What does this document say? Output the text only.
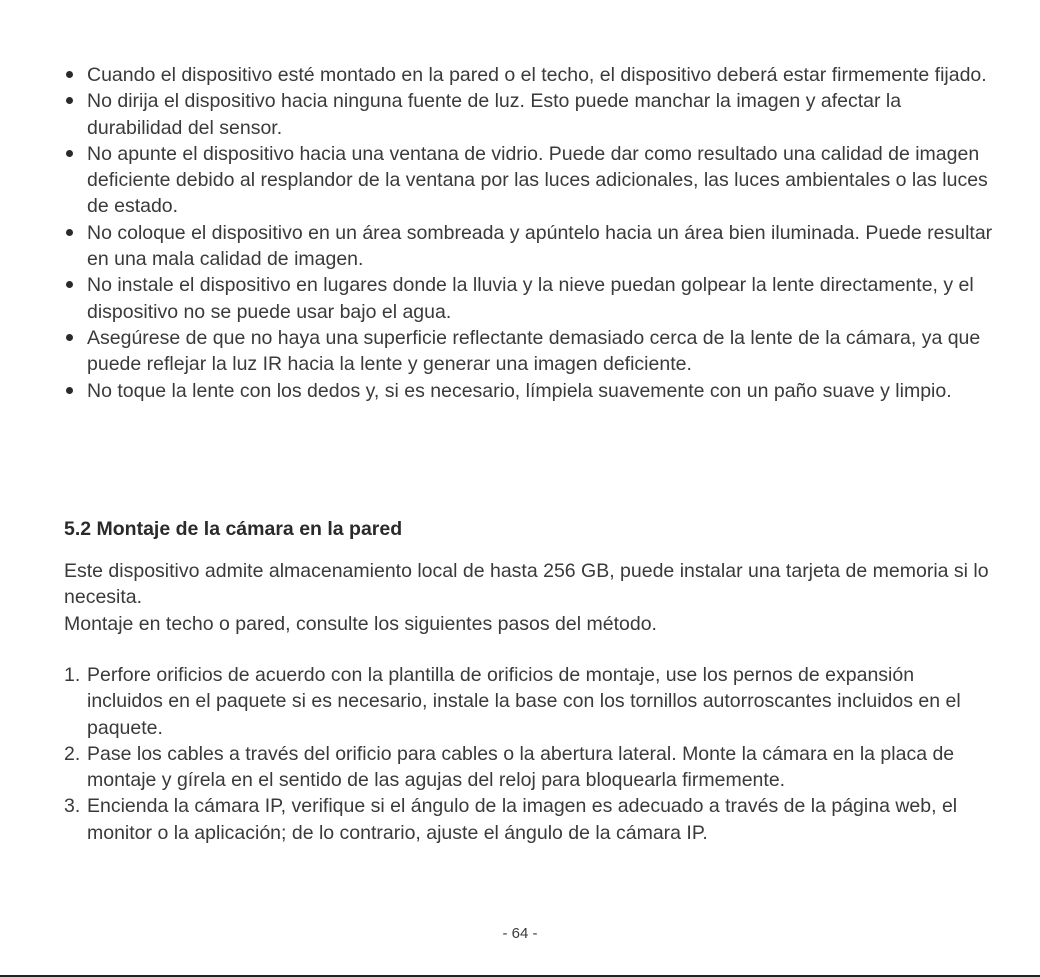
Cuando el dispositivo esté montado en la pared o el techo, el dispositivo deberá estar firmemente fijado.
No dirija el dispositivo hacia ninguna fuente de luz. Esto puede manchar la imagen y afectar la durabilidad del sensor.
No apunte el dispositivo hacia una ventana de vidrio. Puede dar como resultado una calidad de imagen deficiente debido al resplandor de la ventana por las luces adicionales, las luces ambientales o las luces de estado.
No coloque el dispositivo en un área sombreada y apúntelo hacia un área bien iluminada. Puede resultar en una mala calidad de imagen.
No instale el dispositivo en lugares donde la lluvia y la nieve puedan golpear la lente directamente, y el dispositivo no se puede usar bajo el agua.
Asegúrese de que no haya una superficie reflectante demasiado cerca de la lente de la cámara, ya que puede reflejar la luz IR hacia la lente y generar una imagen deficiente.
No toque la lente con los dedos y, si es necesario, límpiela suavemente con un paño suave y limpio.
5.2 Montaje de la cámara en la pared

Este dispositivo admite almacenamiento local de hasta 256 GB, puede instalar una tarjeta de memoria si lo necesita.

Montaje en techo o pared, consulte los siguientes pasos del método.

1. Perfore orificios de acuerdo con la plantilla de orificios de montaje, use los pernos de expansión incluidos en el paquete si es necesario, instale la base con los tornillos autorroscantes incluidos en el paquete.
2. Pase los cables a través del orificio para cables o la abertura lateral. Monte la cámara en la placa de montaje y gírela en el sentido de las agujas del reloj para bloquearla firmemente.
3. Encienda la cámara IP, verifique si el ángulo de la imagen es adecuado a través de la página web, el monitor o la aplicación; de lo contrario, ajuste el ángulo de la cámara IP.
- 64 -
